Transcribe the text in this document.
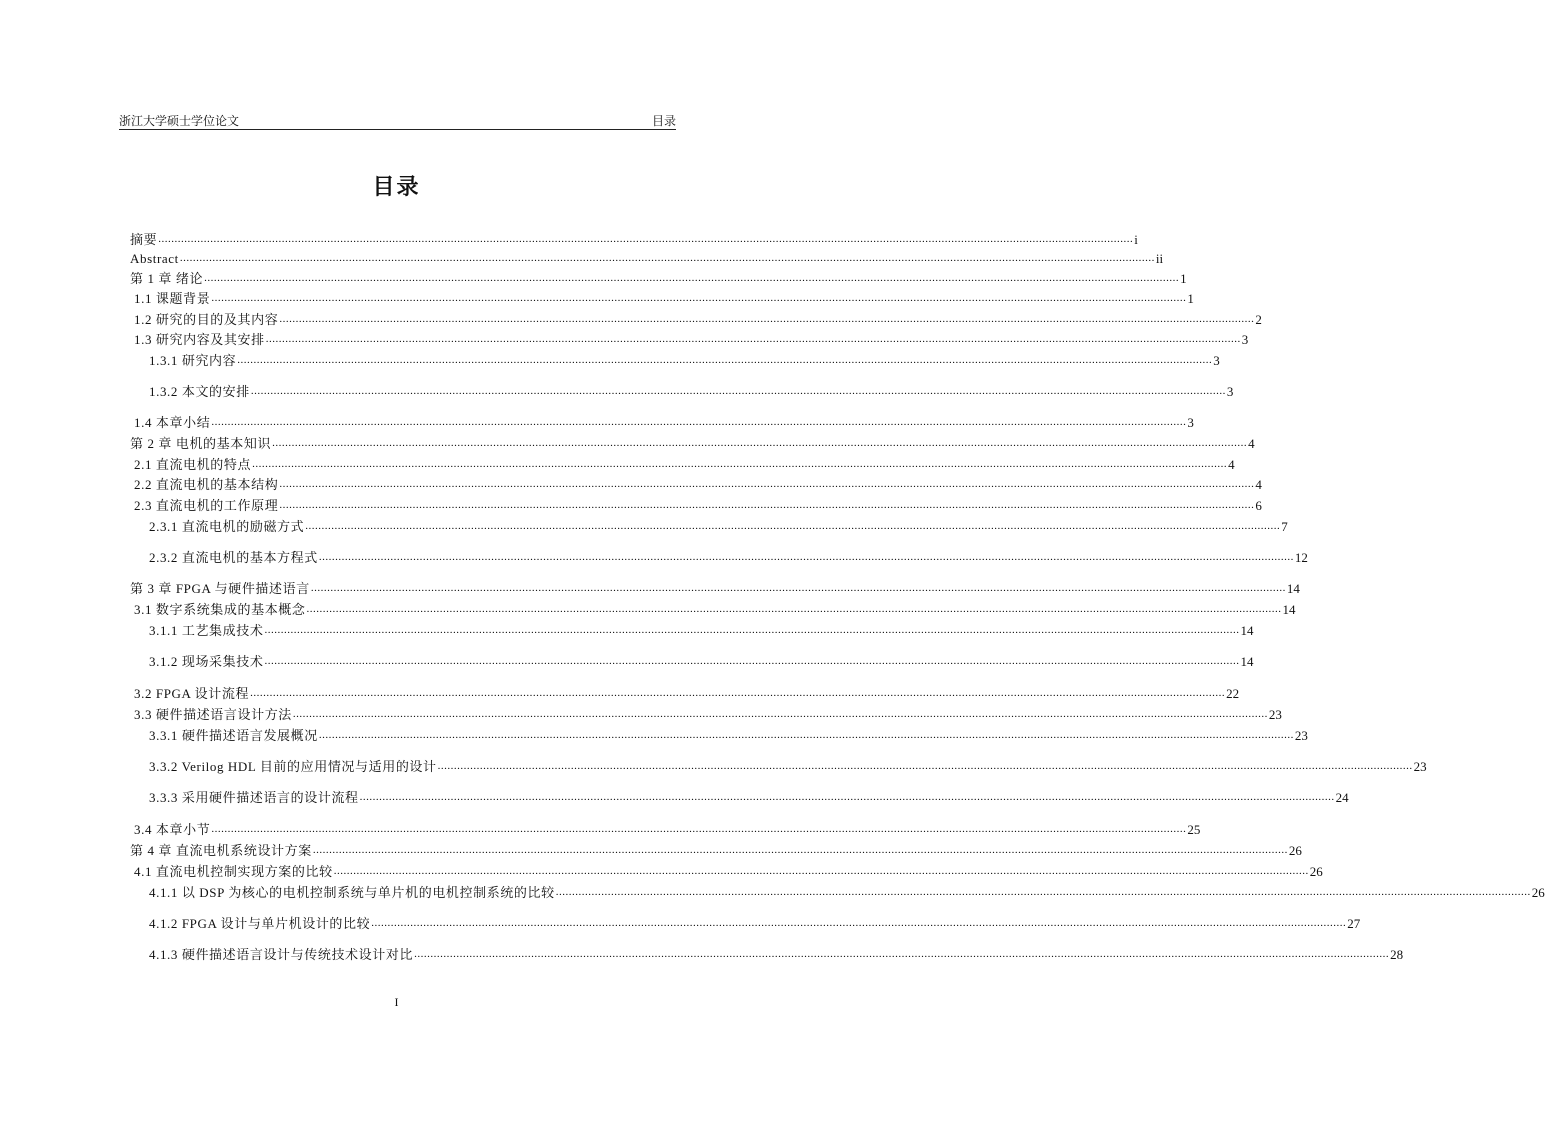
浙江大学硕士学位论文	目录
目录
摘要 ............................................................................................................................................................................................................................................................................................................ i
Abstract ............................................................................................................................................................................................................................................................................................................ ii
第 1 章 绪论 ............................................................................................................................................................................................................................................................................................................ 1
1.1 课题背景 ............................................................................................................................................................................................................................................................................................................ 1
1.2 研究的目的及其内容 ............................................................................................................................................................................................................................................................................................................ 2
1.3 研究内容及其安排 ............................................................................................................................................................................................................................................................................................................ 3
1.3.1 研究内容 ............................................................................................................................................................................................................................................................................................................ 3
1.3.2 本文的安排 ............................................................................................................................................................................................................................................................................................................ 3
1.4 本章小结 ............................................................................................................................................................................................................................................................................................................ 3
第 2 章 电机的基本知识 ............................................................................................................................................................................................................................................................................................................ 4
2.1 直流电机的特点 ............................................................................................................................................................................................................................................................................................................ 4
2.2 直流电机的基本结构 ............................................................................................................................................................................................................................................................................................................ 4
2.3 直流电机的工作原理 ............................................................................................................................................................................................................................................................................................................ 6
2.3.1 直流电机的励磁方式 ............................................................................................................................................................................................................................................................................................................ 7
2.3.2 直流电机的基本方程式 ............................................................................................................................................................................................................................................................................................................ 12
第 3 章 FPGA 与硬件描述语言 ............................................................................................................................................................................................................................................................................................................ 14
3.1 数字系统集成的基本概念 ............................................................................................................................................................................................................................................................................................................ 14
3.1.1 工艺集成技术 ............................................................................................................................................................................................................................................................................................................ 14
3.1.2 现场采集技术 ............................................................................................................................................................................................................................................................................................................ 14
3.2 FPGA 设计流程 ............................................................................................................................................................................................................................................................................................................ 22
3.3 硬件描述语言设计方法 ............................................................................................................................................................................................................................................................................................................ 23
3.3.1 硬件描述语言发展概况 ............................................................................................................................................................................................................................................................................................................ 23
3.3.2 Verilog HDL 目前的应用情况与适用的设计 ............................................................................................................................................................................................................................................................................................................ 23
3.3.3 采用硬件描述语言的设计流程 ............................................................................................................................................................................................................................................................................................................ 24
3.4 本章小节 ............................................................................................................................................................................................................................................................................................................ 25
第 4 章 直流电机系统设计方案 ............................................................................................................................................................................................................................................................................................................ 26
4.1 直流电机控制实现方案的比较 ............................................................................................................................................................................................................................................................................................................ 26
4.1.1 以 DSP 为核心的电机控制系统与单片机的电机控制系统的比较 ............................................................................................................................................................................................................................................................................................................ 26
4.1.2 FPGA 设计与单片机设计的比较 ............................................................................................................................................................................................................................................................................................................ 27
4.1.3 硬件描述语言设计与传统技术设计对比 ............................................................................................................................................................................................................................................................................................................ 28
I
